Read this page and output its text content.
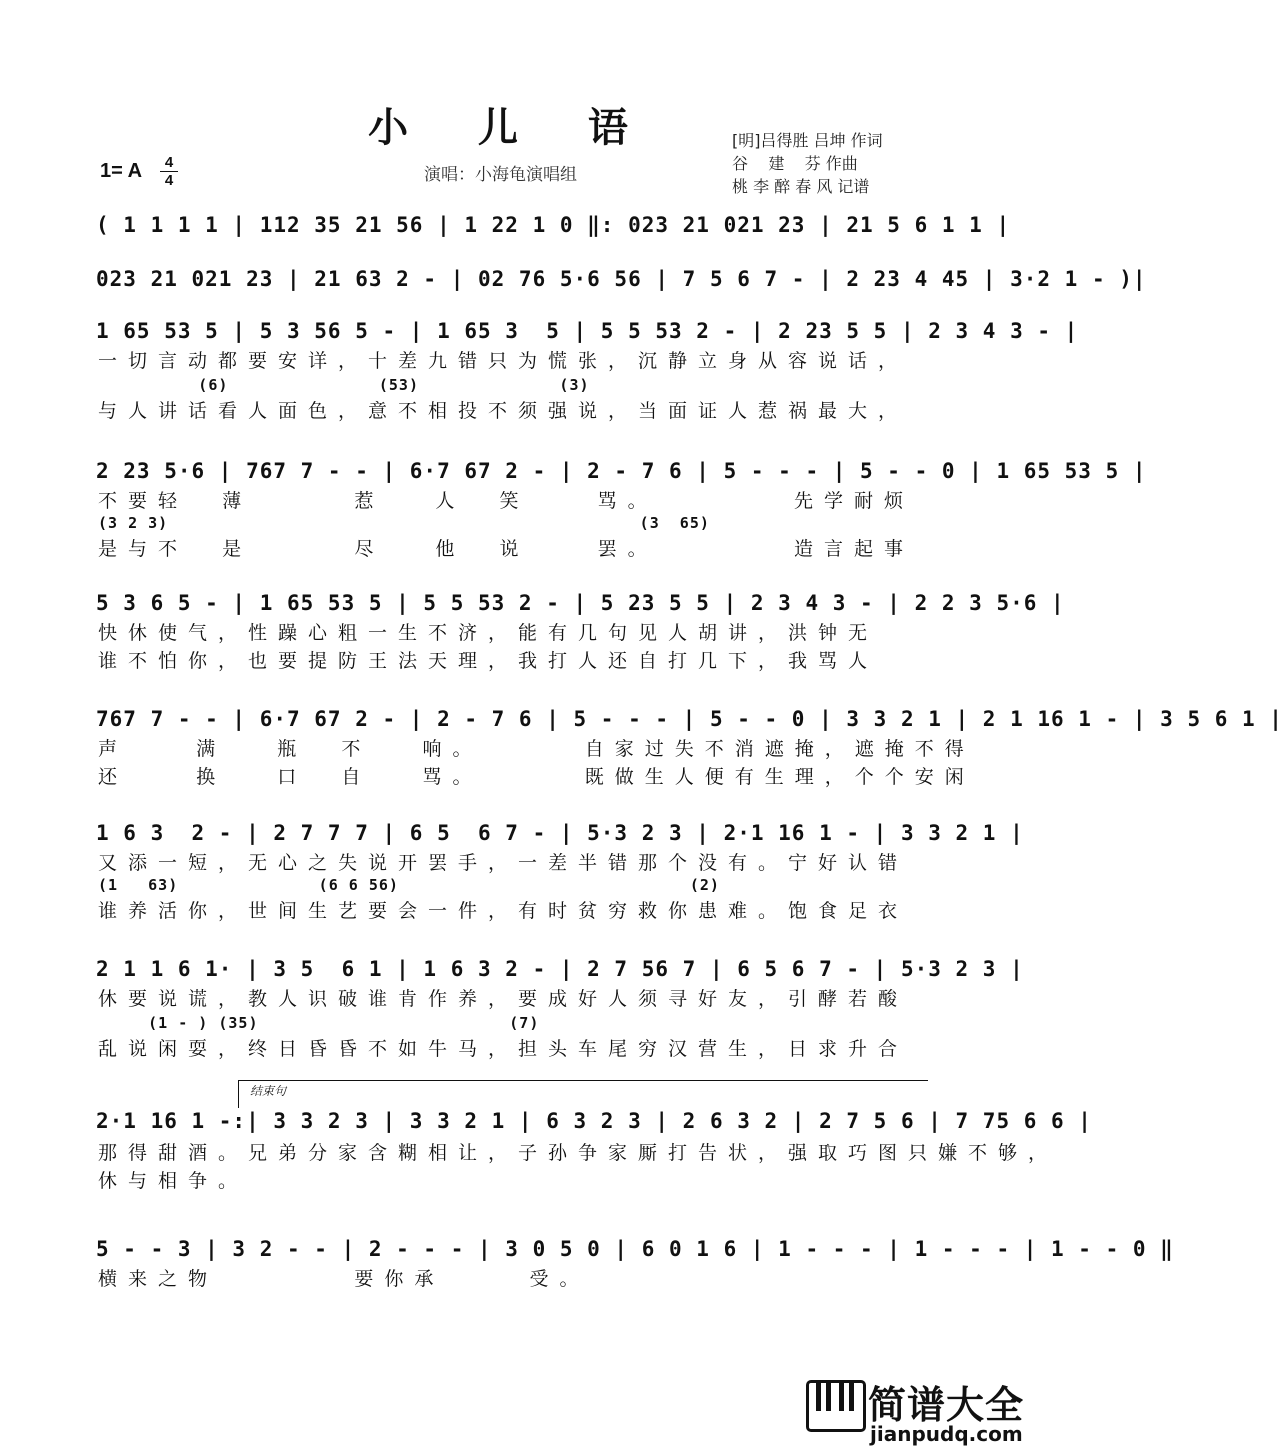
小 儿 语
1= A	4
4	演唱：小海龟演唱组
[明]吕得胜 吕坤 作词
谷    建    芬 作曲
桃 李 醉 春 风 记谱
( 1 1 1 1 | 112 35 21 56 | 1 22 1 0 ‖: 023 21 021 23 | 21 5 6 1 1 |
023 21 021 23 | 21 63 2 - | 02 76 5·6 56 | 7 5 6 7 - | 2 23 4 45 | 3·2 1 - )|
1 65 53 5 | 5 3 56 5 - | 1 65 3  5 | 5 5 53 2 - | 2 23 5 5 | 2 3 4 3 - |
一切言动都要安详，十差九错只为慌张，沉静立身从容说话，
(6)               (53)              (3)
与人讲话看人面色，意不相投不须强说，当面证人惹祸最大，
2 23 5·6 | 767 7 - - | 6·7 67 2 - | 2 - 7 6 | 5 - - - | 5 - - 0 | 1 65 53 5 |
不要轻  薄      惹   人  笑    骂。        先学耐烦
(3 2 3)                                               (3  65)
是与不  是      尽   他  说    罢。        造言起事
5 3 6 5 - | 1 65 53 5 | 5 5 53 2 - | 5 23 5 5 | 2 3 4 3 - | 2 2 3 5·6 |
快休使气，性躁心粗一生不济，能有几句见人胡讲，洪钟无
谁不怕你，也要提防王法天理，我打人还自打几下，我骂人
767 7 - - | 6·7 67 2 - | 2 - 7 6 | 5 - - - | 5 - - 0 | 3 3 2 1 | 2 1 16 1 - | 3 5 6 1 |
声    满   瓶  不   响。      自家过失不消遮掩，遮掩不得
还    换   口  自   骂。      既做生人便有生理，个个安闲
1 6 3  2 - | 2 7 7 7 | 6 5  6 7 - | 5·3 2 3 | 2·1 16 1 - | 3 3 2 1 |
又添一短，无心之失说开罢手，一差半错那个没有。宁好认错
(1   63)              (6 6 56)                             (2)
谁养活你，世间生艺要会一件，有时贫穷救你患难。饱食足衣
2 1 1 6 1· | 3 5  6 1 | 1 6 3 2 - | 2 7 56 7 | 6 5 6 7 - | 5·3 2 3 |
休要说谎，教人识破谁肯作养，要成好人须寻好友，引酵若酸
(1 - ) (35)                         (7)
乱说闲耍，终日昏昏不如牛马，担头车尾穷汉营生，日求升合
结束句
2·1 16 1 -:| 3 3 2 3 | 3 3 2 1 | 6 3 2 3 | 2 6 3 2 | 2 7 5 6 | 7 75 6 6 |
那得甜酒。兄弟分家含糊相让，子孙争家厮打告状，强取巧图只嫌不够，
休与相争。
5 - - 3 | 3 2 - - | 2 - - - | 3 0 5 0 | 6 0 1 6 | 1 - - - | 1 - - - | 1 - - 0 ‖
横来之物        要你承     受。
简谱大全
jianpudq.com
